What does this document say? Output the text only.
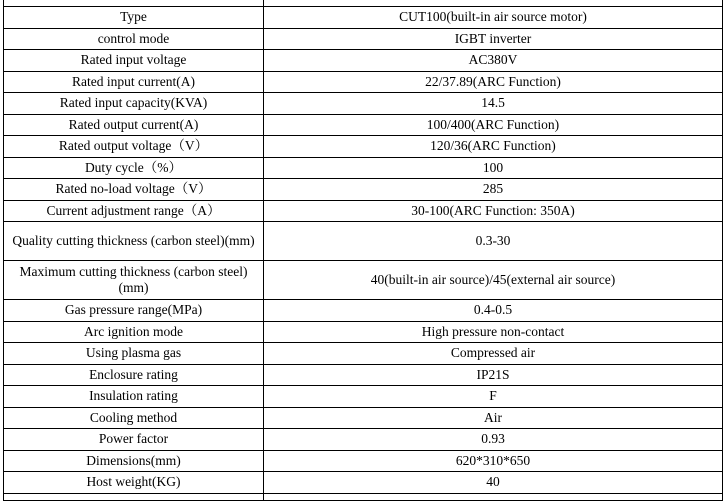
Type	CUT100(built-in air source motor)
control mode	IGBT inverter
Rated input voltage	AC380V
Rated input current(A)	22/37.89(ARC Function)
Rated input capacity(KVA)	14.5
Rated output current(A)	100/400(ARC Function)
Rated output voltage（V）	120/36(ARC Function)
Duty cycle（%）	100
Rated no-load voltage（V）	285
Current adjustment range（A）	30-100(ARC Function: 350A)
Quality cutting thickness (carbon steel)(mm)	0.3-30
Maximum cutting thickness (carbon steel)(mm)	40(built-in air source)/45(external air source)
Gas pressure range(MPa)	0.4-0.5
Arc ignition mode	High pressure non-contact
Using plasma gas	Compressed air
Enclosure rating	IP21S
Insulation rating	F
Cooling method	Air
Power factor	0.93
Dimensions(mm)	620*310*650
Host weight(KG)	40
